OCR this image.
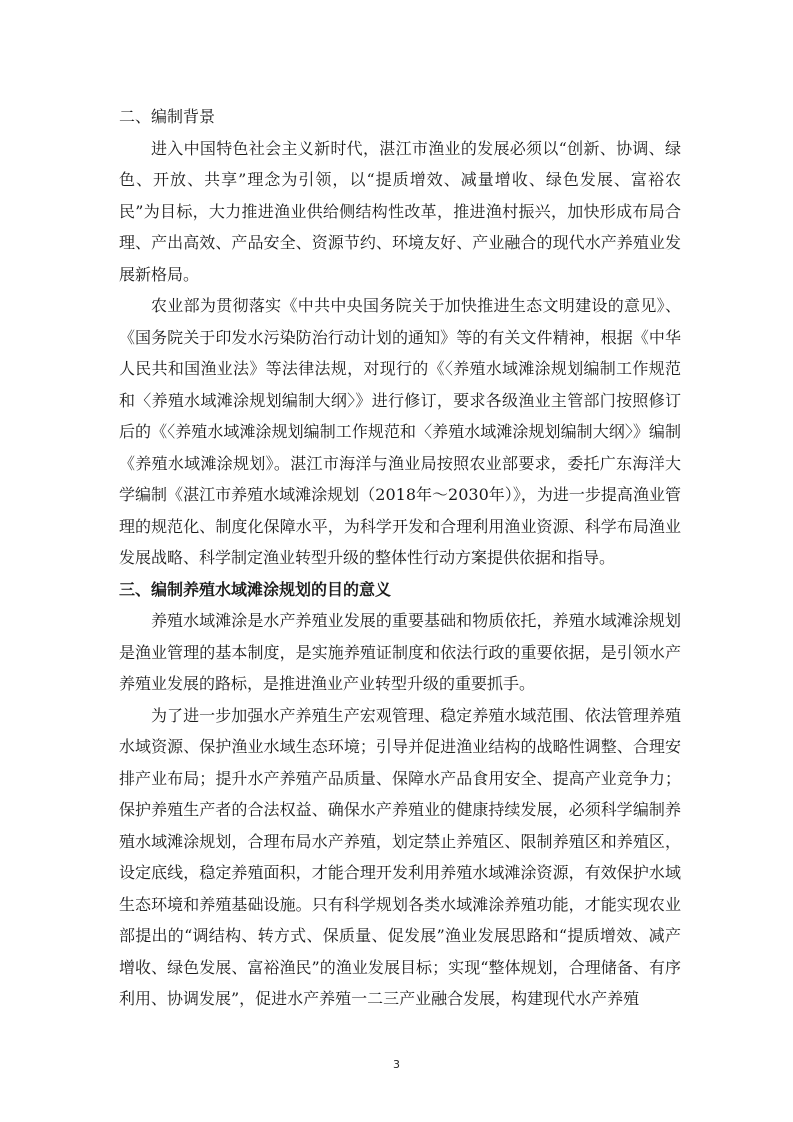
二、编制背景

进入中国特色社会主义新时代，湛江市渔业的发展必须以“创新、协调、绿色、开放、共享”理念为引领，以“提质增效、减量增收、绿色发展、富裕农民”为目标，大力推进渔业供给侧结构性改革，推进渔村振兴，加快形成布局合理、产出高效、产品安全、资源节约、环境友好、产业融合的现代水产养殖业发展新格局。

农业部为贯彻落实《中共中央国务院关于加快推进生态文明建设的意见》、《国务院关于印发水污染防治行动计划的通知》等的有关文件精神，根据《中华人民共和国渔业法》等法律法规，对现行的《〈养殖水域滩涂规划编制工作规范和〈养殖水域滩涂规划编制大纲〉》进行修订，要求各级渔业主管部门按照修订后的《〈养殖水域滩涂规划编制工作规范和〈养殖水域滩涂规划编制大纲〉》编制《养殖水域滩涂规划》。湛江市海洋与渔业局按照农业部要求，委托广东海洋大学编制《湛江市养殖水域滩涂规划（2018年～2030年）》，为进一步提高渔业管理的规范化、制度化保障水平，为科学开发和合理利用渔业资源、科学布局渔业发展战略、科学制定渔业转型升级的整体性行动方案提供依据和指导。

三、编制养殖水域滩涂规划的目的意义

养殖水域滩涂是水产养殖业发展的重要基础和物质依托，养殖水域滩涂规划是渔业管理的基本制度，是实施养殖证制度和依法行政的重要依据，是引领水产养殖业发展的路标，是推进渔业产业转型升级的重要抓手。

为了进一步加强水产养殖生产宏观管理、稳定养殖水域范围、依法管理养殖水域资源、保护渔业水域生态环境；引导并促进渔业结构的战略性调整、合理安排产业布局；提升水产养殖产品质量、保障水产品食用安全、提高产业竞争力；保护养殖生产者的合法权益、确保水产养殖业的健康持续发展，必须科学编制养殖水域滩涂规划，合理布局水产养殖，划定禁止养殖区、限制养殖区和养殖区，设定底线，稳定养殖面积，才能合理开发利用养殖水域滩涂资源，有效保护水域生态环境和养殖基础设施。只有科学规划各类水域滩涂养殖功能，才能实现农业部提出的“调结构、转方式、保质量、促发展”渔业发展思路和“提质增效、减产增收、绿色发展、富裕渔民”的渔业发展目标；实现“整体规划，合理储备、有序利用、协调发展”，促进水产养殖一二三产业融合发展，构建现代水产养殖

3
